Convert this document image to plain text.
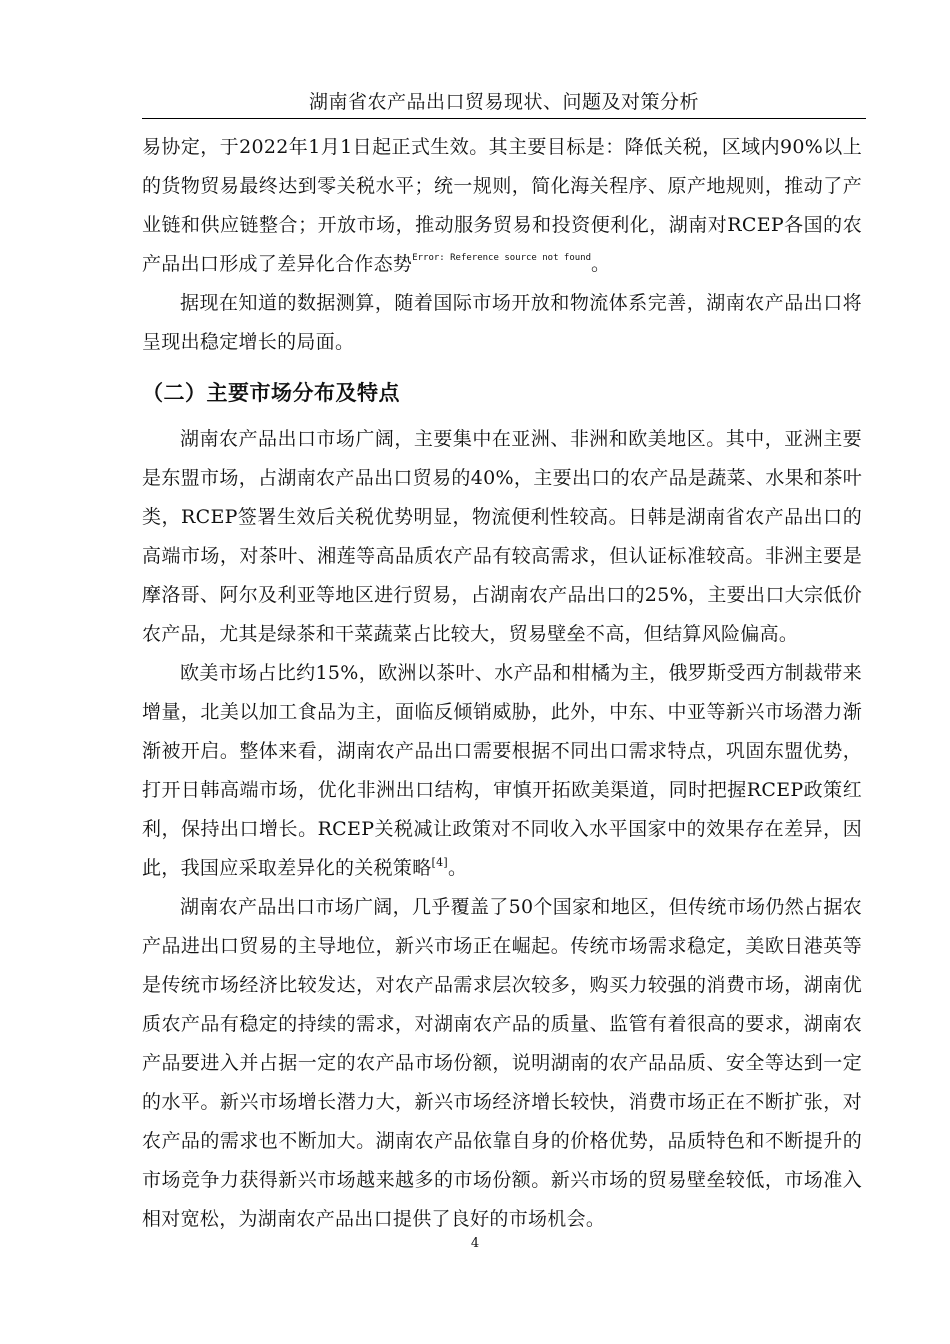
湖南省农产品出口贸易现状、问题及对策分析

易协定，于2022年1月1日起正式生效。其主要目标是：降低关税，区域内90%以上的货物贸易最终达到零关税水平；统一规则，简化海关程序、原产地规则，推动了产业链和供应链整合；开放市场，推动服务贸易和投资便利化，湖南对RCEP各国的农产品出口形成了差异化合作态势$^{Error: Reference source not found}$。

据现在知道的数据测算，随着国际市场开放和物流体系完善，湖南农产品出口将呈现出稳定增长的局面。

（二）主要市场分布及特点

湖南农产品出口市场广阔，主要集中在亚洲、非洲和欧美地区。其中，亚洲主要是东盟市场，占湖南农产品出口贸易的40%，主要出口的农产品是蔬菜、水果和茶叶类，RCEP签署生效后关税优势明显，物流便利性较高。日韩是湖南省农产品出口的高端市场，对茶叶、湘莲等高品质农产品有较高需求，但认证标准较高。非洲主要是摩洛哥、阿尔及利亚等地区进行贸易，占湖南农产品出口的25%，主要出口大宗低价农产品，尤其是绿茶和干菜蔬菜占比较大，贸易壁垒不高，但结算风险偏高。

欧美市场占比约15%，欧洲以茶叶、水产品和柑橘为主，俄罗斯受西方制裁带来增量，北美以加工食品为主，面临反倾销威胁，此外，中东、中亚等新兴市场潜力渐渐被开启。整体来看，湖南农产品出口需要根据不同出口需求特点，巩固东盟优势，打开日韩高端市场，优化非洲出口结构，审慎开拓欧美渠道，同时把握RCEP政策红利，保持出口增长。RCEP关税减让政策对不同收入水平国家中的效果存在差异，因此，我国应采取差异化的关税策略[4]。

湖南农产品出口市场广阔，几乎覆盖了50个国家和地区，但传统市场仍然占据农产品进出口贸易的主导地位，新兴市场正在崛起。传统市场需求稳定，美欧日港英等是传统市场经济比较发达，对农产品需求层次较多，购买力较强的消费市场，湖南优质农产品有稳定的持续的需求，对湖南农产品的质量、监管有着很高的要求，湖南农产品要进入并占据一定的农产品市场份额，说明湖南的农产品品质、安全等达到一定的水平。新兴市场增长潜力大，新兴市场经济增长较快，消费市场正在不断扩张，对农产品的需求也不断加大。湖南农产品依靠自身的价格优势，品质特色和不断提升的市场竞争力获得新兴市场越来越多的市场份额。新兴市场的贸易壁垒较低，市场准入相对宽松，为湖南农产品出口提供了良好的市场机会。

4
